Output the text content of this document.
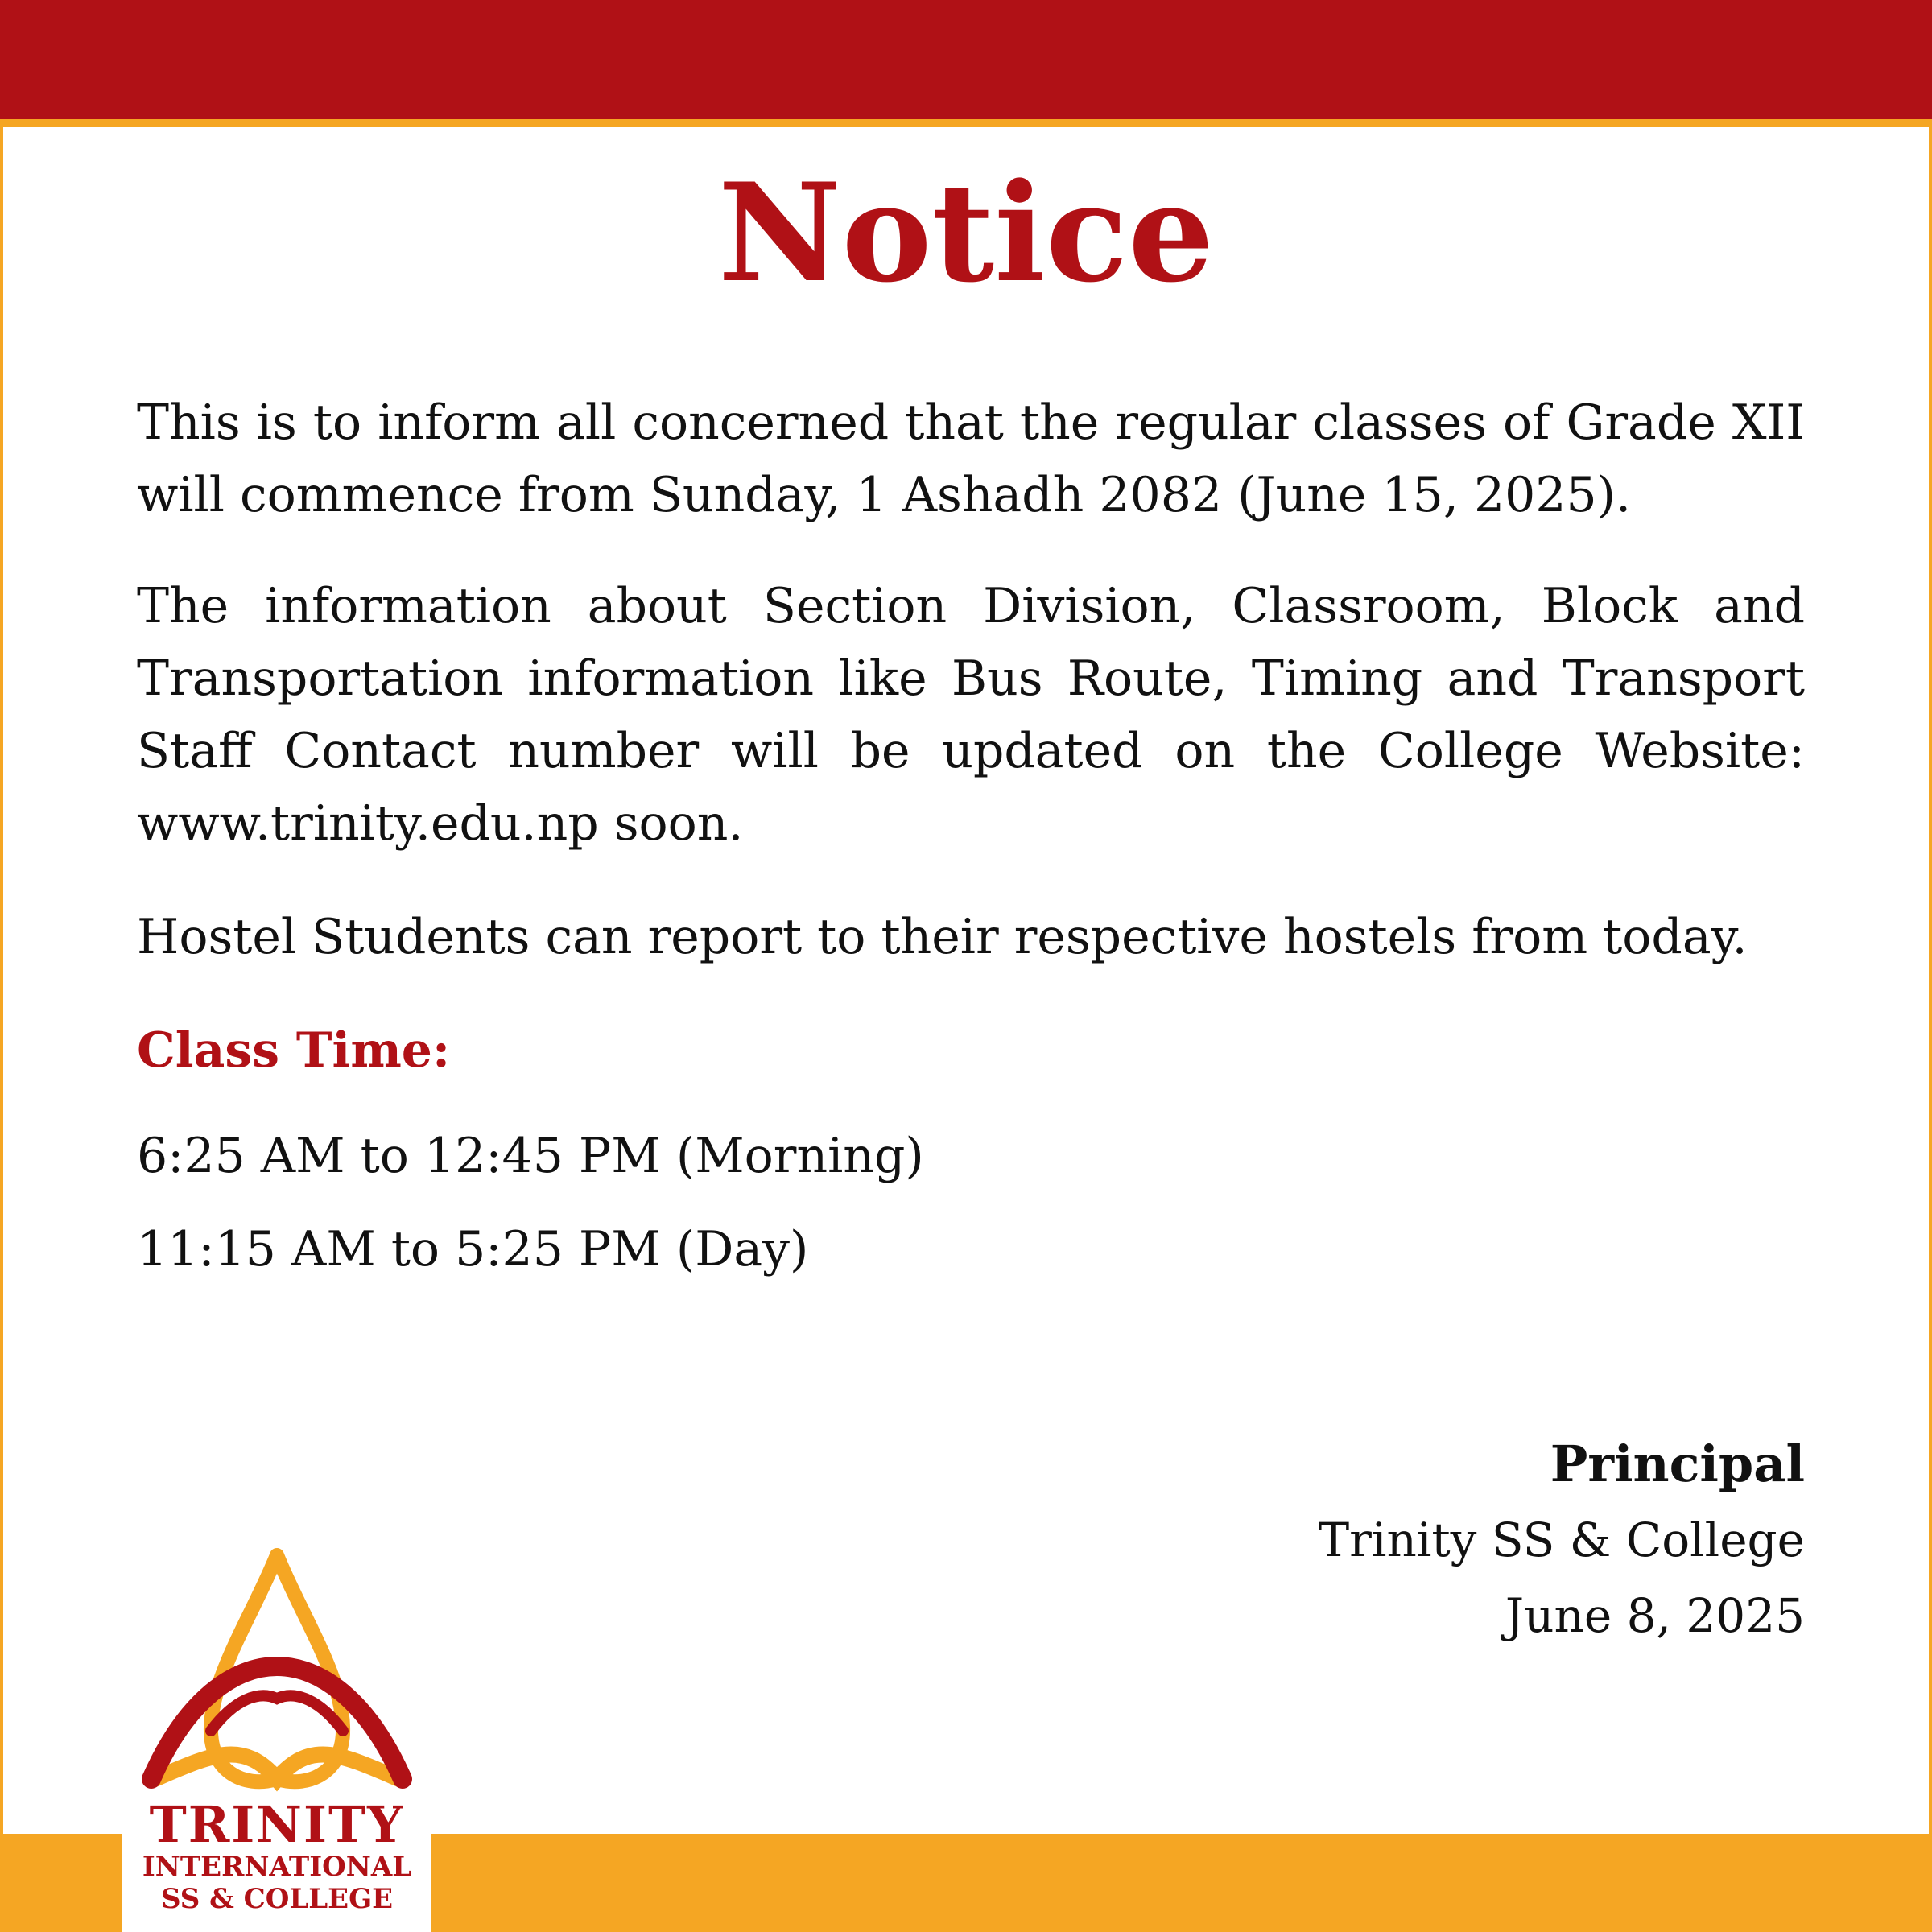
Notice

This is to inform all concerned that the regular classes of Grade XII will commence from Sunday, 1 Ashadh 2082 (June 15, 2025).

The information about Section Division, Classroom, Block and Transportation information like Bus Route, Timing and Transport Staff Contact number will be updated on the College Website: www.trinity.edu.np soon.

Hostel Students can report to their respective hostels from today.

Class Time:

6:25 AM to 12:45 PM (Morning)

11:15 AM to 5:25 PM (Day)

Principal
Trinity SS & College
June 8, 2025
TRINITY
INTERNATIONAL
SS & COLLEGE
